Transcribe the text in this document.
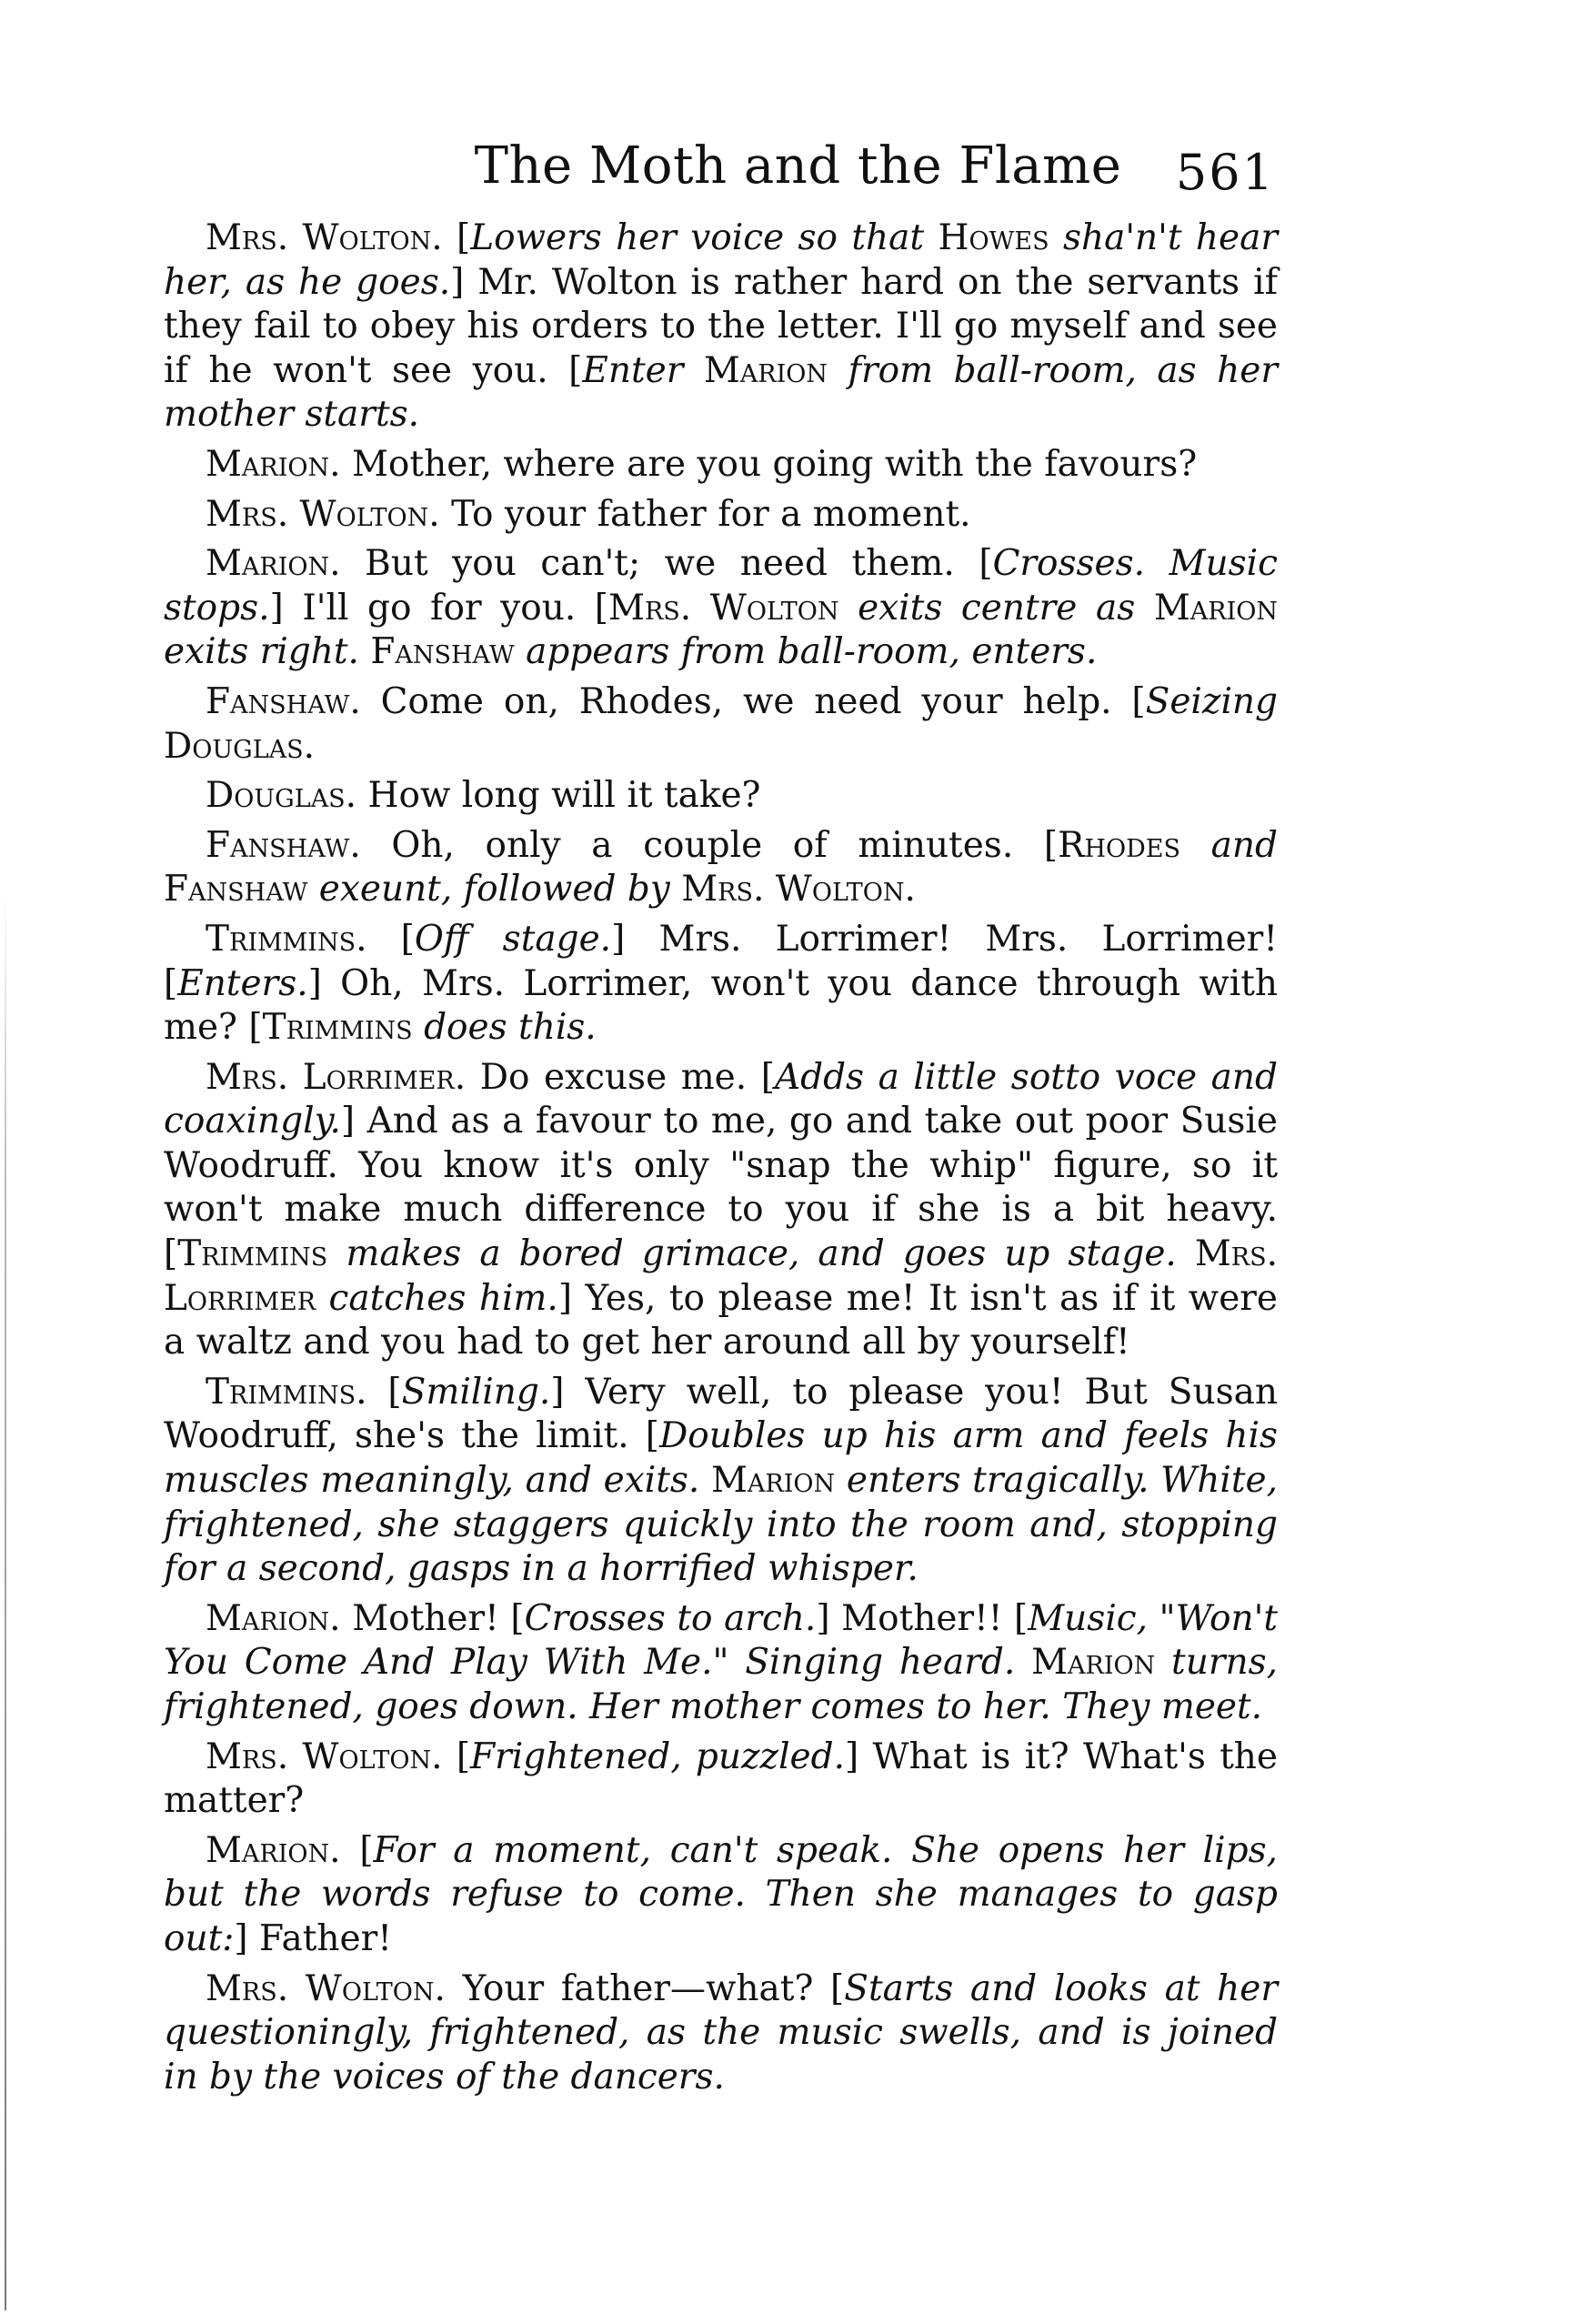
The Moth and the Flame	561

Mrs. Wolton. [Lowers her voice so that Howes sha'n't hear her, as he goes.] Mr. Wolton is rather hard on the servants if they fail to obey his orders to the letter. I'll go myself and see if he won't see you. [Enter Marion from ball-room, as her mother starts.

Marion. Mother, where are you going with the favours?

Mrs. Wolton. To your father for a moment.

Marion. But you can't; we need them. [Crosses. Music stops.] I'll go for you. [Mrs. Wolton exits centre as Marion exits right. Fanshaw appears from ball-room, enters.

Fanshaw. Come on, Rhodes, we need your help. [Seizing Douglas.

Douglas. How long will it take?

Fanshaw. Oh, only a couple of minutes. [Rhodes and Fanshaw exeunt, followed by Mrs. Wolton.

Trimmins. [Off stage.] Mrs. Lorrimer! Mrs. Lorrimer! [Enters.] Oh, Mrs. Lorrimer, won't you dance through with me? [Trimmins does this.

Mrs. Lorrimer. Do excuse me. [Adds a little sotto voce and coaxingly.] And as a favour to me, go and take out poor Susie Woodruff. You know it's only "snap the whip" figure, so it won't make much difference to you if she is a bit heavy. [Trimmins makes a bored grimace, and goes up stage. Mrs. Lorrimer catches him.] Yes, to please me! It isn't as if it were a waltz and you had to get her around all by yourself!

Trimmins. [Smiling.] Very well, to please you! But Susan Woodruff, she's the limit. [Doubles up his arm and feels his muscles meaningly, and exits. Marion enters tragically. White, frightened, she staggers quickly into the room and, stopping for a second, gasps in a horrified whisper.

Marion. Mother! [Crosses to arch.] Mother!! [Music, "Won't You Come And Play With Me." Singing heard. Marion turns, frightened, goes down. Her mother comes to her. They meet.

Mrs. Wolton. [Frightened, puzzled.] What is it? What's the matter?

Marion. [For a moment, can't speak. She opens her lips, but the words refuse to come. Then she manages to gasp out:] Father!

Mrs. Wolton. Your father—what? [Starts and looks at her questioningly, frightened, as the music swells, and is joined in by the voices of the dancers.
